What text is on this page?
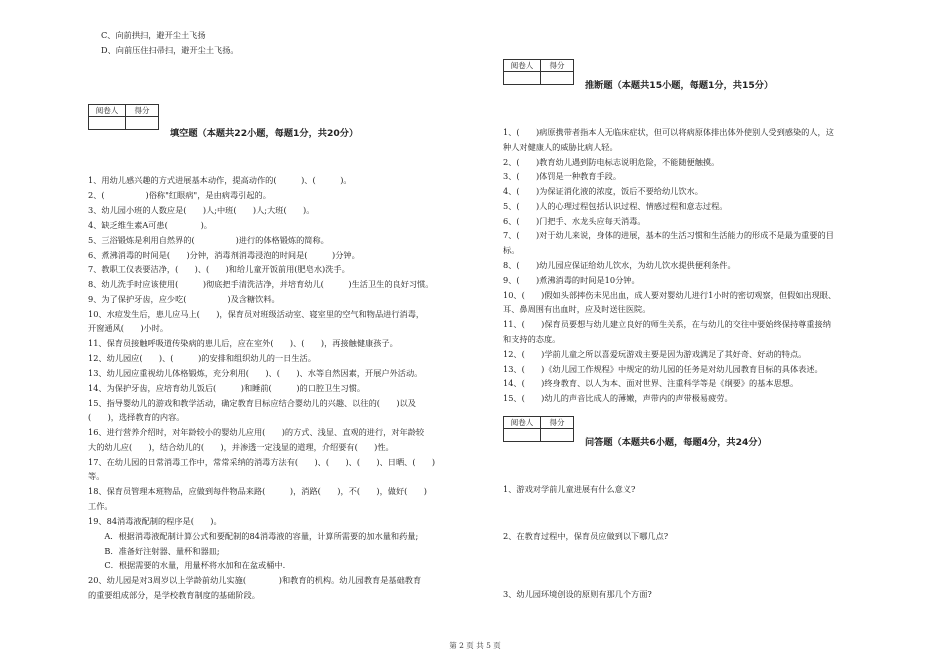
C、向前拱扫，避开尘土飞扬
D、向前压住扫帚扫，避开尘土飞扬。
阅卷人	得分

填空题（本题共22小题，每题1分，共20分）
1、用幼儿感兴趣的方式进展基本动作，提高动作的(　　　)、(　　　)。
2、(　　　　　)俗称"红眼病"，是由病毒引起的。
3、幼儿园小班的人数应是(　　)人;中班(　　)人;大班(　　)。
4、缺乏维生素A可患(　　　　)。
5、三浴锻炼是利用自然界的(　　　　　)进行的体格锻炼的简称。
6、煮沸消毒的时间是(　　)分钟，消毒剂消毒浸泡的时间是(　　　)分钟。
7、教职工仪表要洁净，(　　)、(　　)和给儿童开饭前用(肥皂水)洗手。
8、幼儿洗手时应该使用(　　　)彻底把手清洗洁净，并培育幼儿(　　　)生活卫生的良好习惯。
9、为了保护牙齿，应少吃(　　　　　)及含糖饮料。
10、水痘发生后，患儿应马上(　　)，保育员对班级活动室、寝室里的空气和物品进行消毒，
开窗通风(　　)小时。
11、保育员接触呼吸道传染病的患儿后，应在室外(　　)、(　　)，再接触健康孩子。
12、幼儿园应(　　)、(　　　)的安排和组织幼儿的一日生活。
13、幼儿园应重视幼儿体格锻炼，充分利用(　　)、(　　)、水等自然因素，开展户外活动。
14、为保护牙齿，应培育幼儿饭后(　　　)和睡前(　　　)的口腔卫生习惯。
15、指导婴幼儿的游戏和教学活动，确定教育目标应结合婴幼儿的兴趣、以往的(　　)以及
(　　)，选择教育的内容。
16、进行营养介绍时，对年龄较小的婴幼儿应用(　　)的方式、浅显、直观的进行，对年龄较
大的幼儿应(　　)，结合幼儿的(　　)，并渗透一定浅显的道理，介绍要有(　　)性。
17、在幼儿园的日常消毒工作中，常常采纳的消毒方法有(　　)、(　　)、(　　)、日晒、(　　)
等。
18、保育员管理本班物品，应做到每件物品来路(　　　)，消路(　　)，不(　　)，做好(　　)
工作。
19、84消毒液配制的程序是(　　)。
　　A．根据消毒液配制计算公式和要配制的84消毒液的容量，计算所需要的加水量和药量;
　　B．准备好注射器、量杯和器皿;
　　C．根据需要的水量，用量杯将水加和在盆或桶中.
20、幼儿园是对3周岁以上学龄前幼儿实施(　　　　)和教育的机构。幼儿园教育是基础教育
的重要组成部分，是学校教育制度的基础阶段。
阅卷人	得分

推断题（本题共15小题，每题1分，共15分）
1、(　　)病原携带者指本人无临床症状，但可以将病原体排出体外使别人受到感染的人，这
种人对健康人的威胁比病人轻。
2、(　　)教育幼儿遇到防电标志说明危险，不能随便触摸。
3、(　　)体罚是一种教育手段。
4、(　　)为保证消化液的浓度，饭后不要给幼儿饮水。
5、(　　)人的心理过程包括认识过程、情感过程和意志过程。
6、(　　)门把手、水龙头应每天消毒。
7、(　　)对于幼儿来说，身体的进展，基本的生活习惯和生活能力的形成不是最为重要的目
标。
8、(　　)幼儿园应保证给幼儿饮水，为幼儿饮水提供便利条件。
9、(　　)煮沸消毒的时间是10分钟。
10、(　　)假如头部摔伤未见出血，成人要对婴幼儿进行1小时的密切观察，但假如出现眼、
耳、鼻周围有出血时，应及时送往医院。
11、(　　)保育员要想与幼儿建立良好的师生关系，在与幼儿的交往中要始终保持尊重接纳
和支持的态度。
12、(　　)学前儿童之所以喜爱玩游戏主要是因为游戏满足了其好奇、好动的特点。
13、(　　)《幼儿园工作规程》中规定的幼儿园的任务是对幼儿园教育目标的具体表述。
14、(　　)终身教育、以人为本、面对世界、注重科学等是《纲要》的基本思想。
15、(　　)幼儿的声音比成人的薄嫩，声带内的声带极易疲劳。
阅卷人	得分

问答题（本题共6小题，每题4分，共24分）
1、游戏对学前儿童进展有什么意义?
2、在教育过程中，保育员应做到以下哪几点?
3、幼儿园环境创设的原则有那几个方面?
第 2 页 共 5 页
